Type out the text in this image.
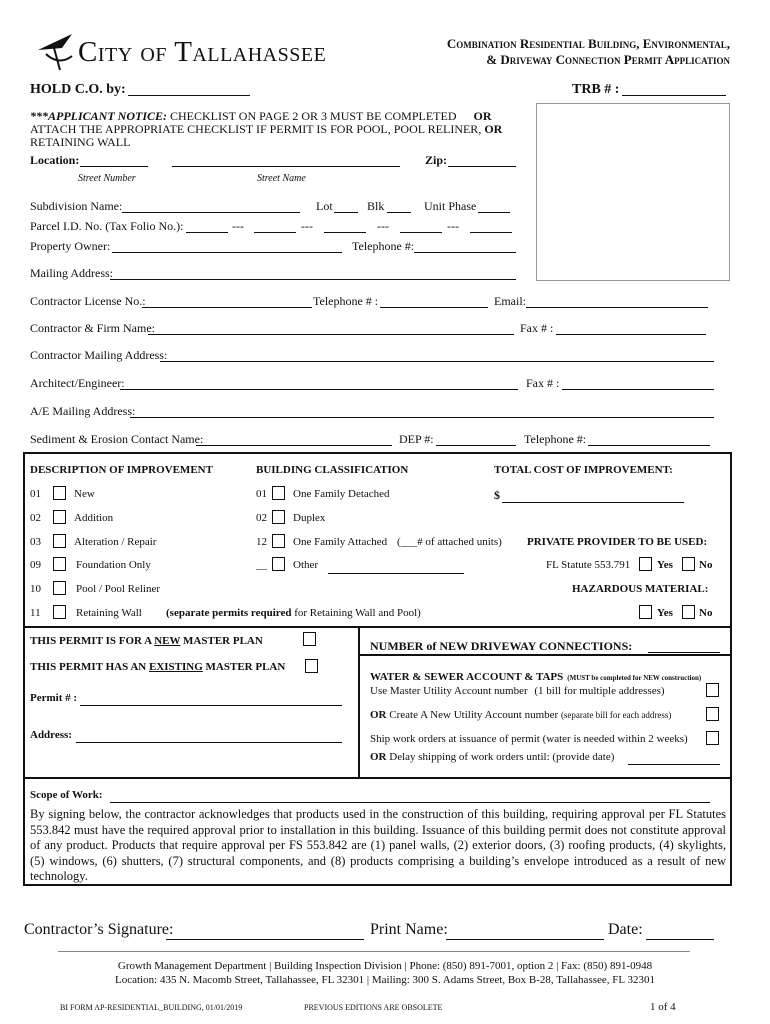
City of Tallahassee	Combination Residential Building, Environmental,
& Driveway Connection Permit Application
HOLD C.O. by:	TRB # :
***APPLICANT NOTICE: CHECKLIST ON PAGE 2 OR 3 MUST BE COMPLETED OR
ATTACH THE APPROPRIATE CHECKLIST IF PERMIT IS FOR POOL, POOL RELINER, OR
RETAINING WALL
Location:	Zip:
Street Number	Street Name
Subdivision Name:	Lot	Blk	Unit Phase
Parcel I.D. No. (Tax Folio No.):	---	---	---	---
Property Owner:	Telephone #:
Mailing Address:
Contractor License No.:	Telephone # :	Email:
Contractor & Firm Name:	Fax # :
Contractor Mailing Address:
Architect/Engineer:	Fax # :
A/E Mailing Address:
Sediment & Erosion Contact Name:	DEP #:	Telephone #:
DESCRIPTION OF IMPROVEMENT	BUILDING CLASSIFICATION	TOTAL COST OF IMPROVEMENT:
$
01	New
02	Addition
03	Alteration / Repair
09	Foundation Only
10	Pool / Pool Reliner
11	Retaining Wall (separate permits required for Retaining Wall and Pool)
01 One Family Detached
02 Duplex
12 One Family Attached (___# of attached units)
__ Other
PRIVATE PROVIDER TO BE USED:
FL Statute 553.791 Yes No
HAZARDOUS MATERIAL:
Yes No
THIS PERMIT IS FOR A NEW MASTER PLAN
THIS PERMIT HAS AN EXISTING MASTER PLAN
Permit # :
Address:
NUMBER of NEW DRIVEWAY CONNECTIONS:
WATER & SEWER ACCOUNT & TAPS (MUST be completed for NEW construction)
Use Master Utility Account number (1 bill for multiple addresses)
OR Create A New Utility Account number (separate bill for each address)
Ship work orders at issuance of permit (water is needed within 2 weeks)
OR Delay shipping of work orders until: (provide date)
Scope of Work:
By signing below, the contractor acknowledges that products used in the construction of this building, requiring approval per FL Statutes 553.842 must have the required approval prior to installation in this building. Issuance of this building permit does not constitute approval of any product. Products that require approval per FS 553.842 are (1) panel walls, (2) exterior doors, (3) roofing products, (4) skylights, (5) windows, (6) shutters, (7) structural components, and (8) products comprising a building’s envelope introduced as a result of new technology.
Contractor’s Signature:	Print Name:	Date:
Growth Management Department | Building Inspection Division | Phone: (850) 891-7001, option 2 | Fax: (850) 891-0948
Location: 435 N. Macomb Street, Tallahassee, FL 32301 | Mailing: 300 S. Adams Street, Box B-28, Tallahassee, FL 32301
BI FORM AP-RESIDENTIAL_BUILDING, 01/01/2019	PREVIOUS EDITIONS ARE OBSOLETE	1 of 4
